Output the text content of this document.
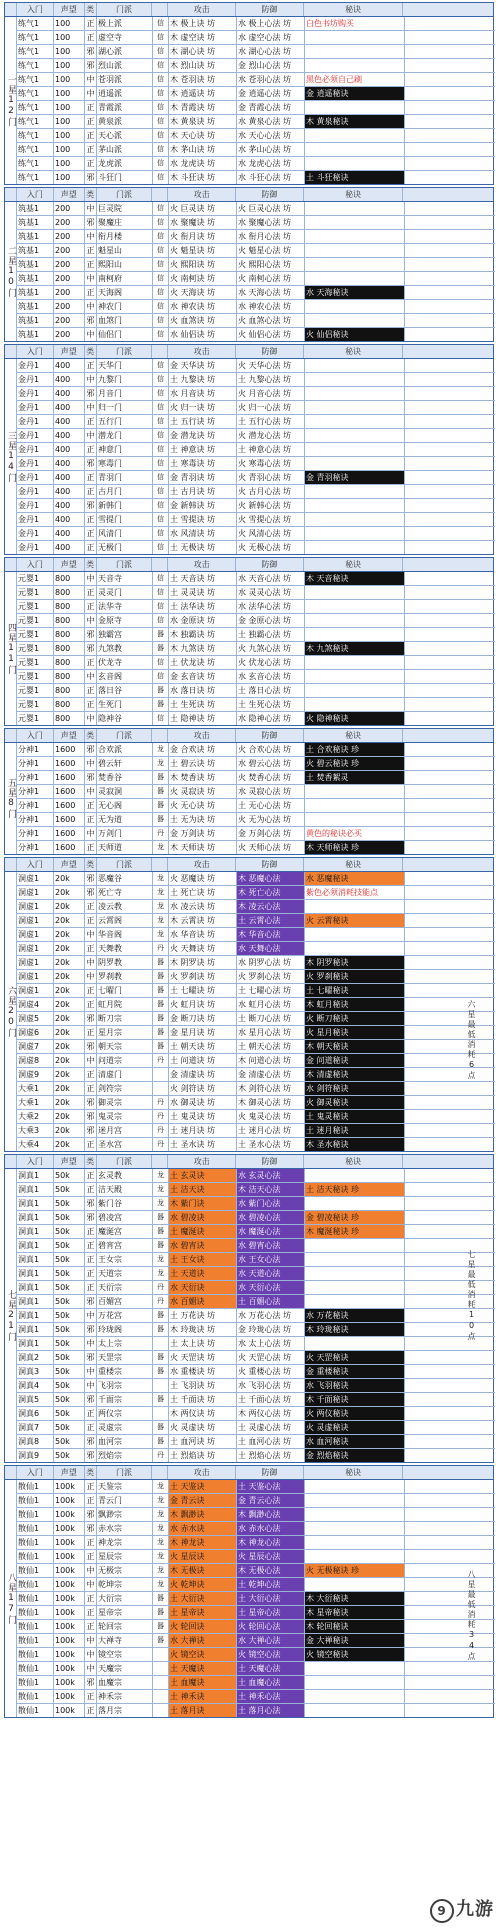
入门	声望	类	门派	攻击	防御	秘诀
一星12门
练气1	100	正 极上派	信 木 极上诀 坊	水 极上心法 坊	白色书坊购买
练气1	100	正 虚空寺	信 木 虚空诀 坊	水 虚空心法 坊
练气1	100	邪 湖心派	信 木 湖心诀 坊	水 湖心心法 坊
练气1	100	邪 烈山派	信 木 烈山诀 坊	金 烈山心法 坊
练气1	100	中 苍羽派	信 木 苍羽诀 坊	水 苍羽心法 坊	黑色必须自己刷
练气1	100	中 逍遥派	信 木 逍遥诀 坊	金 逍遥心法 坊	金 逍遥秘诀
练气1	100	正 青霞派	信 木 青霞诀 坊	金 青霞心法 坊
练气1	100	正 黄泉派	信 木 黄泉诀 坊	水 黄泉心法 坊	木 黄泉秘诀
练气1	100	正 天心派	信 木 天心诀 坊	水 天心心法 坊
练气1	100	正 茅山派	信 木 茅山诀 坊	水 茅山心法 坊
练气1	100	正 龙虎派	信 水 龙虎诀 坊	水 龙虎心法 坊
练气1	100	邪 斗狂门	信 木 斗狂诀 坊	水 斗狂心法 坊	土 斗狂秘诀
入门	声望	类	门派	攻击	防御	秘诀
二星10门
筑基1	200	中 巨灵院	信 火 巨灵诀 坊	火 巨灵心法 坊
筑基1	200	邪 聚魔庄	信 水 聚魔诀 坊	水 聚魔心法 坊
筑基1	200	中 衔月楼	信 火 衔月诀 坊	水 衔月心法 坊
筑基1	200	正 魁星山	信 火 魁星诀 坊	火 魁星心法 坊
筑基1	200	正 熙阳山	信 火 熙阳诀 坊	火 熙阳心法 坊
筑基1	200	中 南柯府	信 火 南柯诀 坊	火 南柯心法 坊
筑基1	200	正 天海阁	信 火 天海诀 坊	水 天海心法 坊	水 天海秘诀
筑基1	200	中 神农门	信 水 神农诀 坊	水 神农心法 坊
筑基1	200	邪 血煞门	信 火 血煞诀 坊	火 血煞心法 坊
筑基1	200	中 仙侣门	信 水 仙侣诀 坊	火 仙侣心法 坊	火 仙侣秘诀
入门	声望	类	门派	攻击	防御	秘诀
三星14门
金丹1	400	正 天华门	信 金 天华诀 坊	火 天华心法 坊
金丹1	400	中 九黎门	信 土 九黎诀 坊	土 九黎心法 坊
金丹1	400	邪 月音门	信 水 月音诀 坊	火 月音心法 坊
金丹1	400	中 归一门	信 火 归一诀 坊	火 归一心法 坊
金丹1	400	正 五行门	信 土 五行诀 坊	土 五行心法 坊
金丹1	400	中 潜龙门	信 金 潜龙诀 坊	火 潜龙心法 坊
金丹1	400	正 神意门	信 土 神意诀 坊	土 神意心法 坊
金丹1	400	邪 寒毒门	信 土 寒毒诀 坊	火 寒毒心法 坊
金丹1	400	正 青羽门	信 金 青羽诀 坊	火 青羽心法 坊	金 青羽秘诀
金丹1	400	正 古月门	信 土 古月诀 坊	火 古月心法 坊
金丹1	400	邪 新韩门	信 金 新韩诀 坊	火 新韩心法 坊
金丹1	400	正 雪提门	信 土 雪提诀 坊	火 雪提心法 坊
金丹1	400	正 风清门	信 水 风清诀 坊	火 风清心法 坊
金丹1	400	正 无极门	信 土 无极诀 坊	火 无极心法 坊
入门	声望	类	门派	攻击	防御	秘诀
四星11门
元婴1	800	中 天音寺	信 土 天音诀 坊	水 天音心法 坊	木 天音秘诀
元婴1	800	正 灵灵门	信 土 灵灵诀 坊	水 灵灵心法 坊
元婴1	800	正 法华寺	信 土 法华诀 坊	水 法华心法 坊
元婴1	800	中 金原寺	信 水 金原诀 坊	金 金原心法 坊
元婴1	800	邪 独霸宫	器 木 独霸诀 坊	土 独霸心法 坊
元婴1	800	邪 九煞教	器 木 九煞诀 坊	火 九煞心法 坊	木 九煞秘诀
元婴1	800	正 伏龙寺	信 土 伏龙诀 坊	火 伏龙心法 坊
元婴1	800	中 玄音阁	信 金 玄音诀 坊	水 玄音心法 坊
元婴1	800	正 落日谷	器 水 落日诀 坊	土 落日心法 坊
元婴1	800	正 生死门	器 土 生死诀 坊	土 生死心法 坊
元婴1	800	中 隐神谷	信 土 隐神诀 坊	水 隐神心法 坊	火 隐神秘诀
入门	声望	类	门派	攻击	防御	秘诀
五星8门
分神1	1600	邪 合欢派	龙 金 合欢诀 坊	火 合欢心法 坊	土 合欢秘诀 珍
分神1	1600	中 碧云轩	龙 土 碧云诀 坊	水 碧云心法 坊	火 碧云秘诀 珍
分神1	1600	邪 焚香谷	器 木 焚香诀 坊	火 焚香心法 坊	土 焚香絮灵
分神1	1600	中 灵寂洞	器 火 灵寂诀 坊	水 灵寂心法 坊
分神1	1600	正 无心阁	器 火 无心诀 坊	土 无心心法 坊
分神1	1600	正 无为道	器 土 无为诀 坊	火 无为心法 坊
分神1	1600	中 万剑门	丹 金 万剑诀 坊	金 万剑心法 坊	黄色的秘诀必买
分神1	1600	正 天师道	龙 木 天师诀 坊	火 天师心法 坊	木 天师秘诀 珍
入门	声望	类	门派	攻击	防御	秘诀
六星20门
洞虚1	20k	邪 恶魔谷	龙 火 恶魔诀 坊	木 恶魔心法	水 恶魔秘诀
洞虚1	20k	邪 死亡寺	龙 土 死亡诀 坊	木 死亡心法	紫色必须消耗技能点
洞虚1	20k	正 凌云教	龙 水 凌云诀 坊	木 凌云心法
洞虚1	20k	正 云霄阁	龙 木 云霄诀 坊	土 云霄心法	火 云霄秘诀
洞虚1	20k	中 华音阁	龙 水 华音诀 坊	木 华音心法
洞虚1	20k	正 天舞教	丹 火 天舞诀 坊	水 天舞心法
洞虚1	20k	中 阴罗教	器 木 阴罗诀 坊	水 阴罗心法 坊	木 阴罗秘诀
洞虚1	20k	中 罗刹教	器 火 罗刹诀 坊	火 罗刹心法 坊	火 罗刹秘诀
洞虚1	20k	正 七曜门	器 土 七曜诀 坊	土 七曜心法 坊	土 七曜秘诀
洞虚4	20k	正 虹月院	器 火 虹月诀 坊	水 虹月心法 坊	木 虹月秘诀
洞虚5	20k	邪 断刀宗	器 金 断刀诀 坊	土 断刀心法 坊	火 断刀秘诀
洞虚6	20k	正 星月宗	器 金 星月诀 坊	水 星月心法 坊	火 星月秘诀
洞虚7	20k	邪 朝天宗	器 土 朝天诀 坊	土 朝天心法 坊	木 朝天秘诀
洞虚8	20k	中 问道宗	丹 土 问道诀 坊	木 问道心法 坊	金 问道秘诀
洞虚9	20k	正 清虚门	金 清虚诀 坊	金 清虚心法 坊	木 清虚秘诀
大乘1	20k	正 剑符宗	火 剑符诀 坊	木 剑符心法 坊	水 剑符秘诀
大乘1	20k	邪 御灵宗	丹 水 御灵诀 坊	木 御灵心法 坊	火 御灵秘诀
大乘2	20k	邪 鬼灵宗	丹 土 鬼灵诀 坊	火 鬼灵心法 坊	土 鬼灵秘诀
大乘3	20k	邪 迷月宫	丹 土 迷月诀 坊	土 迷月心法 坊	土 迷月秘诀
大乘4	20k	正 圣水宫	丹 土 圣水诀 坊	土 圣水心法 坊	木 圣水秘诀
入门	声望	类	门派	攻击	防御	秘诀
七星21门
洞真1	50k	正 玄灵教	龙 土 玄灵诀	水 玄灵心法
洞真1	50k	正 洁天殿	龙 土 洁天诀	木 洁天心法	土 洁天秘诀 珍
洞真1	50k	邪 紫门谷	龙 木 紫门诀	水 紫门心法
洞真1	50k	邪 碧凌宫	器 水 碧凌诀	水 碧凌心法	金 碧凌秘诀 珍
洞真1	50k	正 魔涎宫	器 土 魔涎诀	水 魔涎心法	木 魔涎秘诀 珍
洞真1	50k	正 碧宵宫	器 水 碧宵诀	水 碧宵心法
洞真1	50k	正 王女宗	龙 土 王女诀	水 王女心法
洞真1	50k	正 天道宗	龙 土 天道诀	水 天道心法
洞真1	50k	正 天衍宗	丹 水 天衍诀	水 天衍心法
洞真1	50k	邪 百媚宫	丹 水 百媚诀	土 百媚心法
洞真1	50k	中 万花宫	器 土 万花诀 坊	水 万花心法 坊	水 万花秘诀
洞真1	50k	邪 玲珑阁	器 木 玲珑诀 坊	金 玲珑心法 坊	木 玲珑秘诀
洞真1	50k	中 太上宗	土 太上诀 坊	水 太上心法 坊
洞真2	50k	邪 天罡宗	器 火 天罡诀 坊	火 天罡心法 坊	火 天罡秘诀
洞真3	50k	中 重楼宗	器 水 重楼诀 坊	火 重楼心法 坊	金 重楼秘诀
洞真4	50k	中 飞羽宗	土 飞羽诀 坊	水 飞羽心法 坊	水 飞羽秘诀
洞真5	50k	邪 千面宗	器 土 千面诀 坊	土 千面心法 坊	木 千面秘诀
洞真6	50k	正 两仪宗	木 两仪诀 坊	木 两仪心法 坊	火 两仪秘诀
洞真7	50k	正 灵虚宗	器 火 灵虚诀 坊	土 灵虚心法 坊	火 灵虚秘诀
洞真8	50k	邪 血河宗	器 土 血河诀 坊	土 血河心法 坊	水 血河秘诀
洞真9	50k	邪 烈焰宗	丹 土 烈焰诀 坊	土 烈焰心法 坊	金 烈焰秘诀
入门	声望	类	门派	攻击	防御	秘诀
八星17门
散仙1	100k	正 天鉴宗	龙 土 天鉴诀	土 天鉴心法
散仙1	100k	正 青云门	龙 金 青云诀	金 青云心法
散仙1	100k	邪 飘渺宗	龙 木 飘渺诀	木 飘渺心法
散仙1	100k	邪 赤水宗	龙 水 赤水诀	水 赤水心法
散仙1	100k	正 神龙宗	龙 木 神龙诀	木 神龙心法
散仙1	100k	正 星辰宗	龙 火 星辰诀	火 星辰心法
散仙1	100k	中 无极宗	龙 木 无极诀	木 无极心法	火 无极秘诀 珍
散仙1	100k	中 乾坤宗	龙 火 乾坤诀	土 乾坤心法
散仙1	100k	正 大衍宗	器 土 大衍诀	土 大衍心法	木 大衍秘诀
散仙1	100k	正 星帝宗	器 土 星帝诀	土 星帝心法	木 星帝秘诀
散仙1	100k	正 轮回宗	器 火 轮回诀	火 轮回心法	木 轮回秘诀
散仙1	100k	中 大禅寺	器 水 大禅诀	水 大禅心法	金 大禅秘诀
散仙1	100k	中 镜空宗	火 镜空诀	火 镜空心法	火 镜空秘诀
散仙1	100k	中 天魔宗	土 天魔诀	土 天魔心法
散仙1	100k	邪 血魔宗	土 血魔诀	土 血魔心法
散仙1	100k	正 神禾宗	土 神禾诀	土 神禾心法
散仙1	100k	正 落月宗	土 落月诀	土 落月心法
六星最低消耗6点
七星最低消耗10点
八星最低消耗34点
9 九游
